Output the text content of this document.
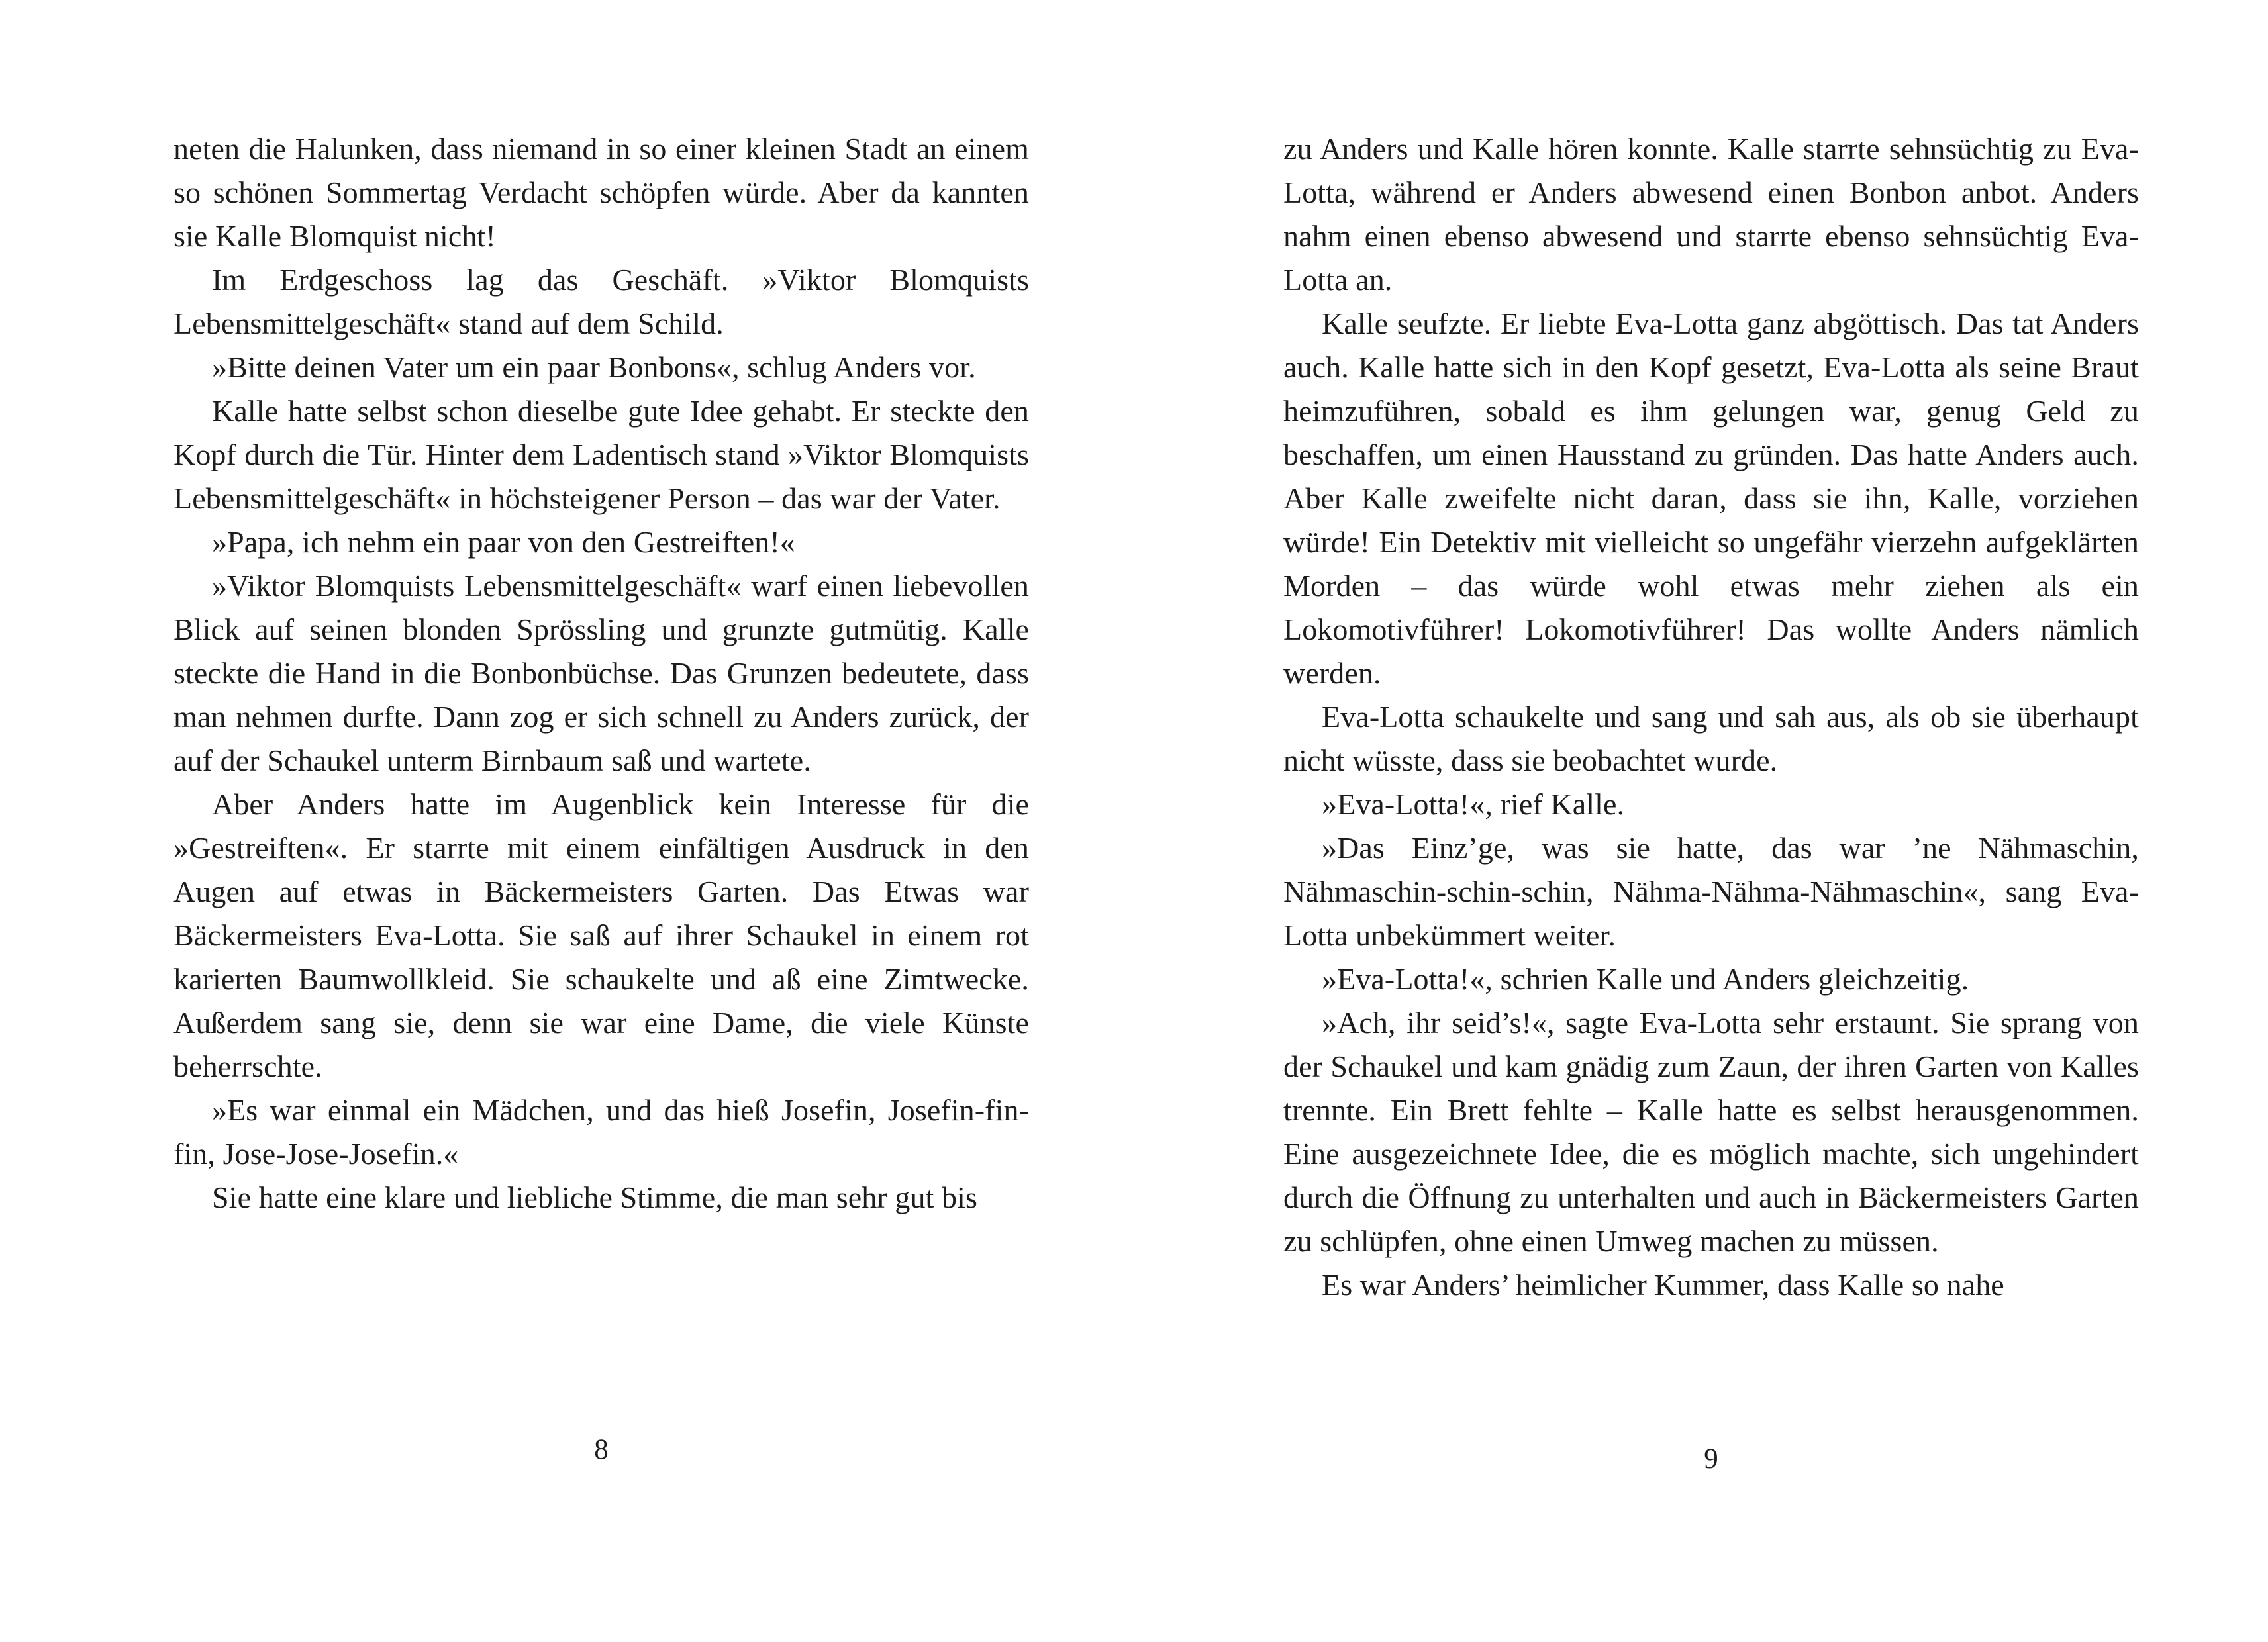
neten die Halunken, dass niemand in so einer kleinen Stadt an einem so schönen Sommertag Verdacht schöpfen würde. Aber da kannten sie Kalle Blomquist nicht!

Im Erdgeschoss lag das Geschäft. »Viktor Blomquists Lebensmittelgeschäft« stand auf dem Schild.

»Bitte deinen Vater um ein paar Bonbons«, schlug Anders vor.

Kalle hatte selbst schon dieselbe gute Idee gehabt. Er steckte den Kopf durch die Tür. Hinter dem Ladentisch stand »Viktor Blomquists Lebensmittelgeschäft« in höchsteigener Person – das war der Vater.

»Papa, ich nehm ein paar von den Gestreiften!«

»Viktor Blomquists Lebensmittelgeschäft« warf einen liebevollen Blick auf seinen blonden Sprössling und grunzte gutmütig. Kalle steckte die Hand in die Bonbonbüchse. Das Grunzen bedeutete, dass man nehmen durfte. Dann zog er sich schnell zu Anders zurück, der auf der Schaukel unterm Birnbaum saß und wartete.

Aber Anders hatte im Augenblick kein Interesse für die »Gestreiften«. Er starrte mit einem einfältigen Ausdruck in den Augen auf etwas in Bäckermeisters Garten. Das Etwas war Bäckermeisters Eva-Lotta. Sie saß auf ihrer Schaukel in einem rot karierten Baumwollkleid. Sie schaukelte und aß eine Zimtwecke. Außerdem sang sie, denn sie war eine Dame, die viele Künste beherrschte.

»Es war einmal ein Mädchen, und das hieß Josefin, Josefin-fin-fin, Jose-Jose-Josefin.«

Sie hatte eine klare und liebliche Stimme, die man sehr gut bis

8

zu Anders und Kalle hören konnte. Kalle starrte sehnsüchtig zu Eva-Lotta, während er Anders abwesend einen Bonbon anbot. Anders nahm einen ebenso abwesend und starrte ebenso sehnsüchtig Eva-Lotta an.

Kalle seufzte. Er liebte Eva-Lotta ganz abgöttisch. Das tat Anders auch. Kalle hatte sich in den Kopf gesetzt, Eva-Lotta als seine Braut heimzuführen, sobald es ihm gelungen war, genug Geld zu beschaffen, um einen Hausstand zu gründen. Das hatte Anders auch. Aber Kalle zweifelte nicht daran, dass sie ihn, Kalle, vorziehen würde! Ein Detektiv mit vielleicht so ungefähr vierzehn aufgeklärten Morden – das würde wohl etwas mehr ziehen als ein Lokomotivführer! Lokomotivführer! Das wollte Anders nämlich werden.

Eva-Lotta schaukelte und sang und sah aus, als ob sie überhaupt nicht wüsste, dass sie beobachtet wurde.

»Eva-Lotta!«, rief Kalle.

»Das Einz’ge, was sie hatte, das war ’ne Nähmaschin, Nähmaschin-schin-schin, Nähma-Nähma-Nähmaschin«, sang Eva-Lotta unbekümmert weiter.

»Eva-Lotta!«, schrien Kalle und Anders gleichzeitig.

»Ach, ihr seid’s!«, sagte Eva-Lotta sehr erstaunt. Sie sprang von der Schaukel und kam gnädig zum Zaun, der ihren Garten von Kalles trennte. Ein Brett fehlte – Kalle hatte es selbst herausgenommen. Eine ausgezeichnete Idee, die es möglich machte, sich ungehindert durch die Öffnung zu unterhalten und auch in Bäckermeisters Garten zu schlüpfen, ohne einen Umweg machen zu müssen.

Es war Anders’ heimlicher Kummer, dass Kalle so nahe

9
